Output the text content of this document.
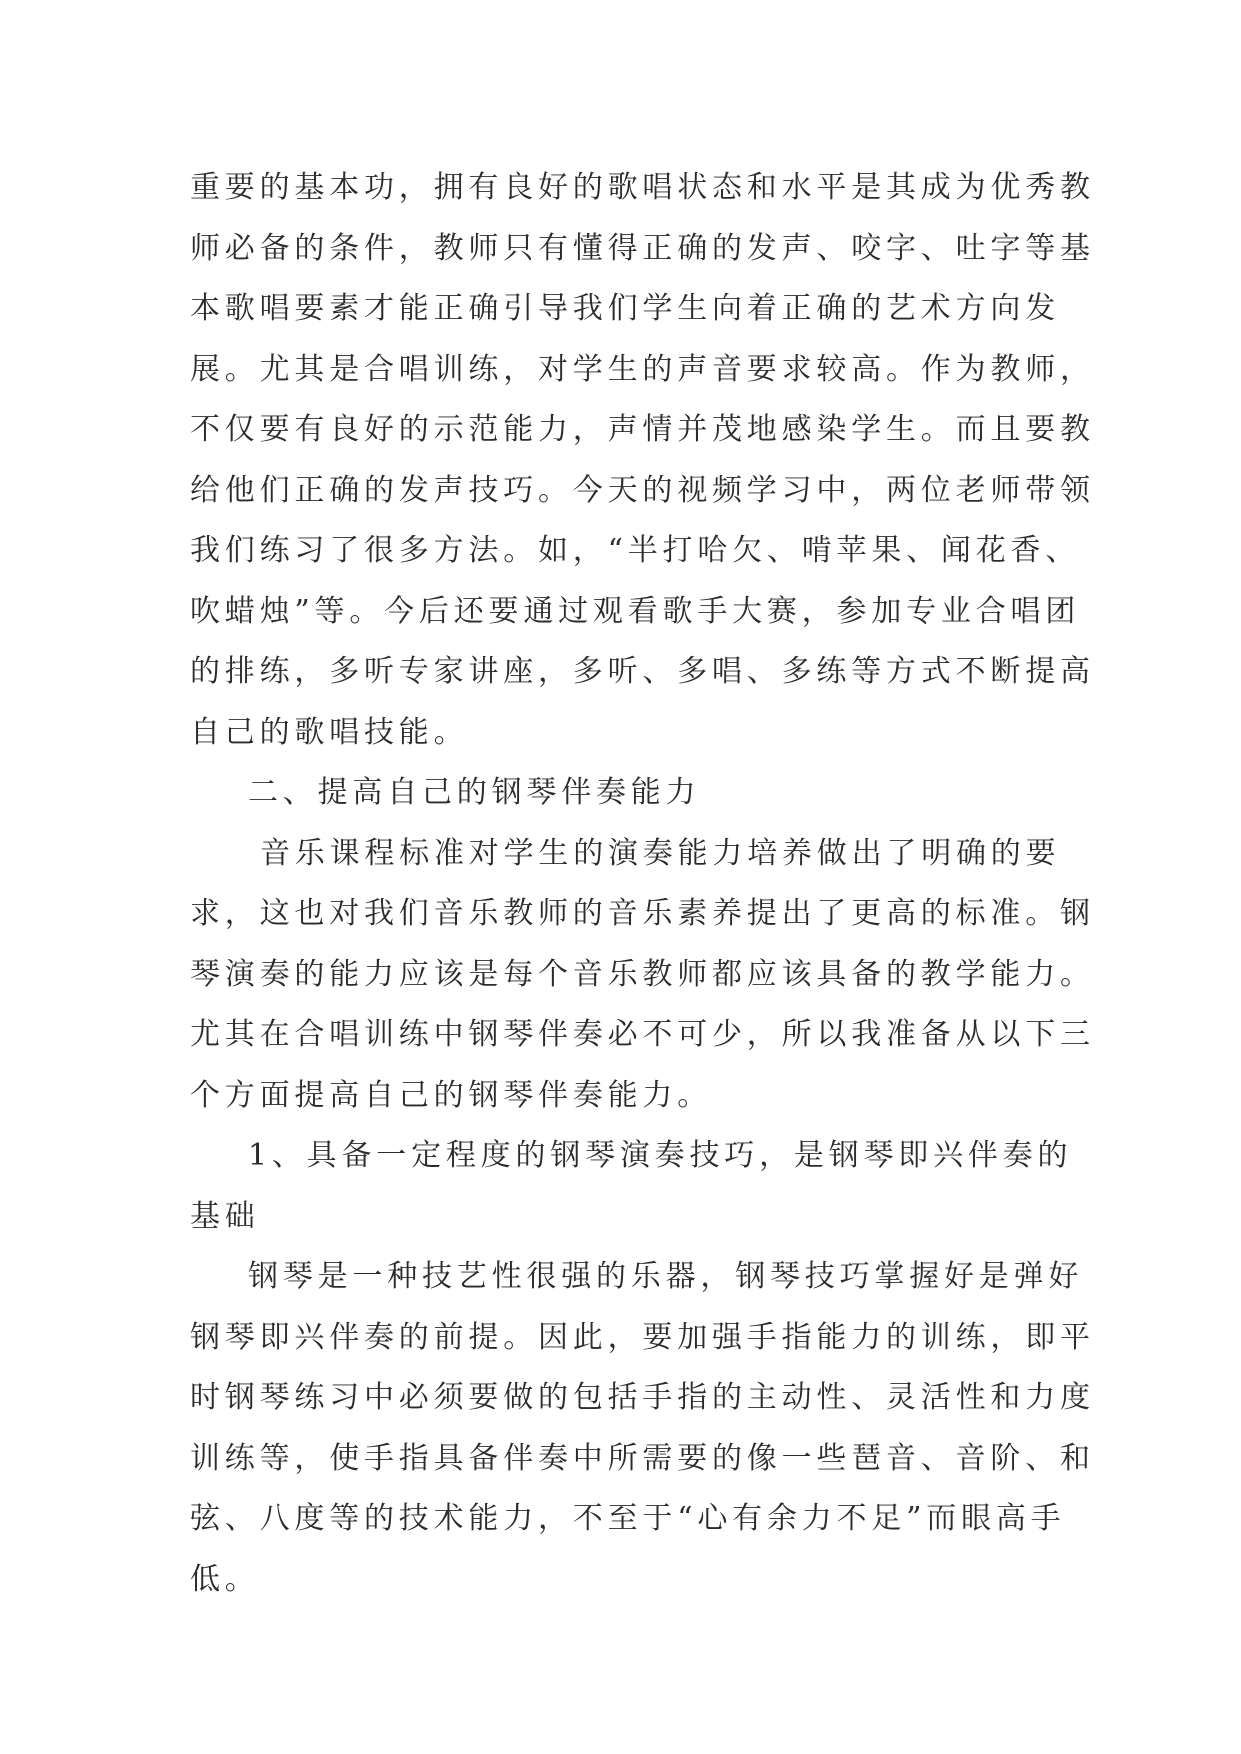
重要的基本功，拥有良好的歌唱状态和水平是其成为优秀教
师必备的条件，教师只有懂得正确的发声、咬字、吐字等基
本歌唱要素才能正确引导我们学生向着正确的艺术方向发
展。尤其是合唱训练，对学生的声音要求较高。作为教师，
不仅要有良好的示范能力，声情并茂地感染学生。而且要教
给他们正确的发声技巧。今天的视频学习中，两位老师带领
我们练习了很多方法。如，“半打哈欠、啃苹果、闻花香、
吹蜡烛”等。今后还要通过观看歌手大赛，参加专业合唱团
的排练，多听专家讲座，多听、多唱、多练等方式不断提高
自己的歌唱技能。
二、提高自己的钢琴伴奏能力
音乐课程标准对学生的演奏能力培养做出了明确的要
求，这也对我们音乐教师的音乐素养提出了更高的标准。钢
琴演奏的能力应该是每个音乐教师都应该具备的教学能力。
尤其在合唱训练中钢琴伴奏必不可少，所以我准备从以下三
个方面提高自己的钢琴伴奏能力。
1、具备一定程度的钢琴演奏技巧，是钢琴即兴伴奏的
基础
钢琴是一种技艺性很强的乐器，钢琴技巧掌握好是弹好
钢琴即兴伴奏的前提。因此，要加强手指能力的训练，即平
时钢琴练习中必须要做的包括手指的主动性、灵活性和力度
训练等，使手指具备伴奏中所需要的像一些琶音、音阶、和
弦、八度等的技术能力，不至于“心有余力不足”而眼高手
低。
